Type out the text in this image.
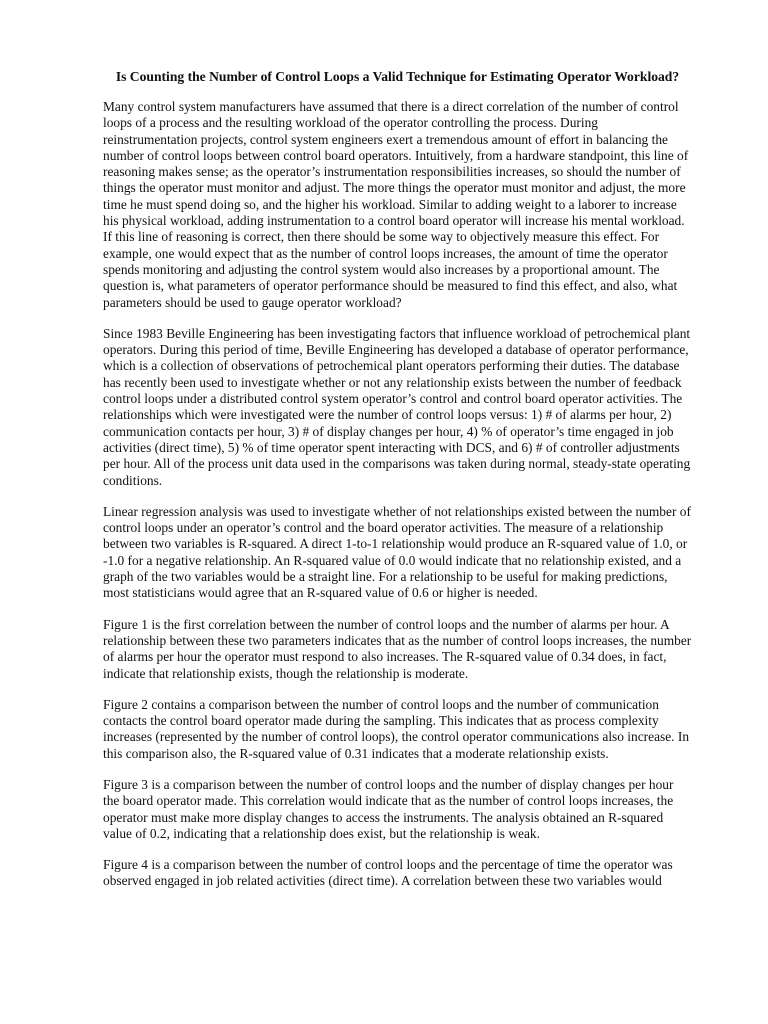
Is Counting the Number of Control Loops a Valid Technique for Estimating Operator Workload?

Many control system manufacturers have assumed that there is a direct correlation of the number of control loops of a process and the resulting workload of the operator controlling the process. During reinstrumentation projects, control system engineers exert a tremendous amount of effort in balancing the number of control loops between control board operators. Intuitively, from a hardware standpoint, this line of reasoning makes sense; as the operator’s instrumentation responsibilities increases, so should the number of things the operator must monitor and adjust. The more things the operator must monitor and adjust, the more time he must spend doing so, and the higher his workload. Similar to adding weight to a laborer to increase his physical workload, adding instrumentation to a control board operator will increase his mental workload. If this line of reasoning is correct, then there should be some way to objectively measure this effect. For example, one would expect that as the number of control loops increases, the amount of time the operator spends monitoring and adjusting the control system would also increases by a proportional amount. The question is, what parameters of operator performance should be measured to find this effect, and also, what parameters should be used to gauge operator workload?

Since 1983 Beville Engineering has been investigating factors that influence workload of petrochemical plant operators. During this period of time, Beville Engineering has developed a database of operator performance, which is a collection of observations of petrochemical plant operators performing their duties. The database has recently been used to investigate whether or not any relationship exists between the number of feedback control loops under a distributed control system operator’s control and control board operator activities. The relationships which were investigated were the number of control loops versus: 1) # of alarms per hour, 2) communication contacts per hour, 3) # of display changes per hour, 4) % of operator’s time engaged in job activities (direct time), 5) % of time operator spent interacting with DCS, and 6) # of controller adjustments per hour. All of the process unit data used in the comparisons was taken during normal, steady-state operating conditions.

Linear regression analysis was used to investigate whether of not relationships existed between the number of control loops under an operator’s control and the board operator activities. The measure of a relationship between two variables is R-squared. A direct 1-to-1 relationship would produce an R-squared value of 1.0, or -1.0 for a negative relationship. An R-squared value of 0.0 would indicate that no relationship existed, and a graph of the two variables would be a straight line. For a relationship to be useful for making predictions, most statisticians would agree that an R-squared value of 0.6 or higher is needed.

Figure 1 is the first correlation between the number of control loops and the number of alarms per hour. A relationship between these two parameters indicates that as the number of control loops increases, the number of alarms per hour the operator must respond to also increases. The R-squared value of 0.34 does, in fact, indicate that relationship exists, though the relationship is moderate.

Figure 2 contains a comparison between the number of control loops and the number of communication contacts the control board operator made during the sampling. This indicates that as process complexity increases (represented by the number of control loops), the control operator communications also increase. In this comparison also, the R-squared value of 0.31 indicates that a moderate relationship exists.

Figure 3 is a comparison between the number of control loops and the number of display changes per hour the board operator made. This correlation would indicate that as the number of control loops increases, the operator must make more display changes to access the instruments. The analysis obtained an R-squared value of 0.2, indicating that a relationship does exist, but the relationship is weak.

Figure 4 is a comparison between the number of control loops and the percentage of time the operator was observed engaged in job related activities (direct time). A correlation between these two variables would
